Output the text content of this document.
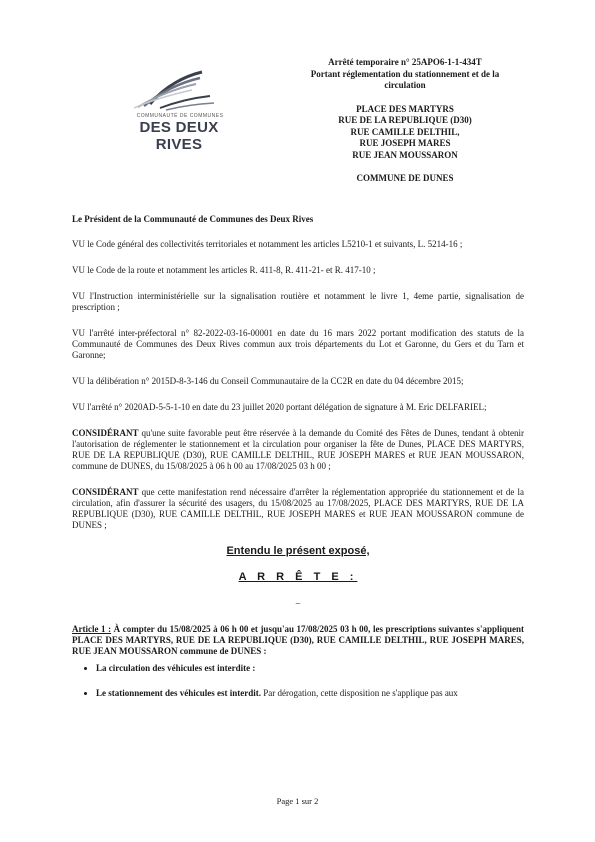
COMMUNAUTÉ DE COMMUNES
DES DEUX RIVES
Arrêté temporaire n° 25APO6-1-1-434T
Portant réglementation du stationnement et de la
circulation
PLACE DES MARTYRS
RUE DE LA REPUBLIQUE (D30)
RUE CAMILLE DELTHIL,
RUE JOSEPH MARES
RUE JEAN MOUSSARON
COMMUNE DE DUNES

Le Président de la Communauté de Communes des Deux Rives

VU le Code général des collectivités territoriales et notamment les articles L5210-1 et suivants, L. 5214-16 ;

VU le Code de la route et notamment les articles R. 411-8, R. 411-21- et R. 417-10 ;

VU l'Instruction interministérielle sur la signalisation routière et notamment le livre 1, 4eme partie, signalisation de prescription ;

VU l'arrêté inter-préfectoral n° 82-2022-03-16-00001 en date du 16 mars 2022 portant modification des statuts de la Communauté de Communes des Deux Rives commun aux trois départements du Lot et Garonne, du Gers et du Tarn et Garonne;

VU la délibération n° 2015D-8-3-146 du Conseil Communautaire de la CC2R en date du 04 décembre 2015;

VU l'arrêté n° 2020AD-5-5-1-10 en date du 23 juillet 2020 portant délégation de signature à M. Eric DELFARIEL;

CONSIDÉRANT qu'une suite favorable peut être réservée à la demande du Comité des Fêtes de Dunes, tendant à obtenir l'autorisation de réglementer le stationnement et la circulation pour organiser la fête de Dunes, PLACE DES MARTYRS, RUE DE LA REPUBLIQUE (D30), RUE CAMILLE DELTHIL, RUE JOSEPH MARES et RUE JEAN MOUSSARON, commune de DUNES, du 15/08/2025 à 06 h 00 au 17/08/2025 03 h 00 ;

CONSIDÉRANT que cette manifestation rend nécessaire d'arrêter la réglementation appropriée du stationnement et de la circulation, afin d'assurer la sécurité des usagers, du 15/08/2025 au 17/08/2025, PLACE DES MARTYRS, RUE DE LA REPUBLIQUE (D30), RUE CAMILLE DELTHIL, RUE JOSEPH MARES et RUE JEAN MOUSSARON commune de DUNES ;

Entendu le présent exposé,

A R R Ê T E :

–

Article 1 : À compter du 15/08/2025 à 06 h 00 et jusqu'au 17/08/2025 03 h 00, les prescriptions suivantes s'appliquent PLACE DES MARTYRS, RUE DE LA REPUBLIQUE (D30), RUE CAMILLE DELTHIL, RUE JOSEPH MARES, RUE JEAN MOUSSARON commune de DUNES :

• La circulation des véhicules est interdite :
• Le stationnement des véhicules est interdit. Par dérogation, cette disposition ne s'applique pas aux
Page 1 sur 2
